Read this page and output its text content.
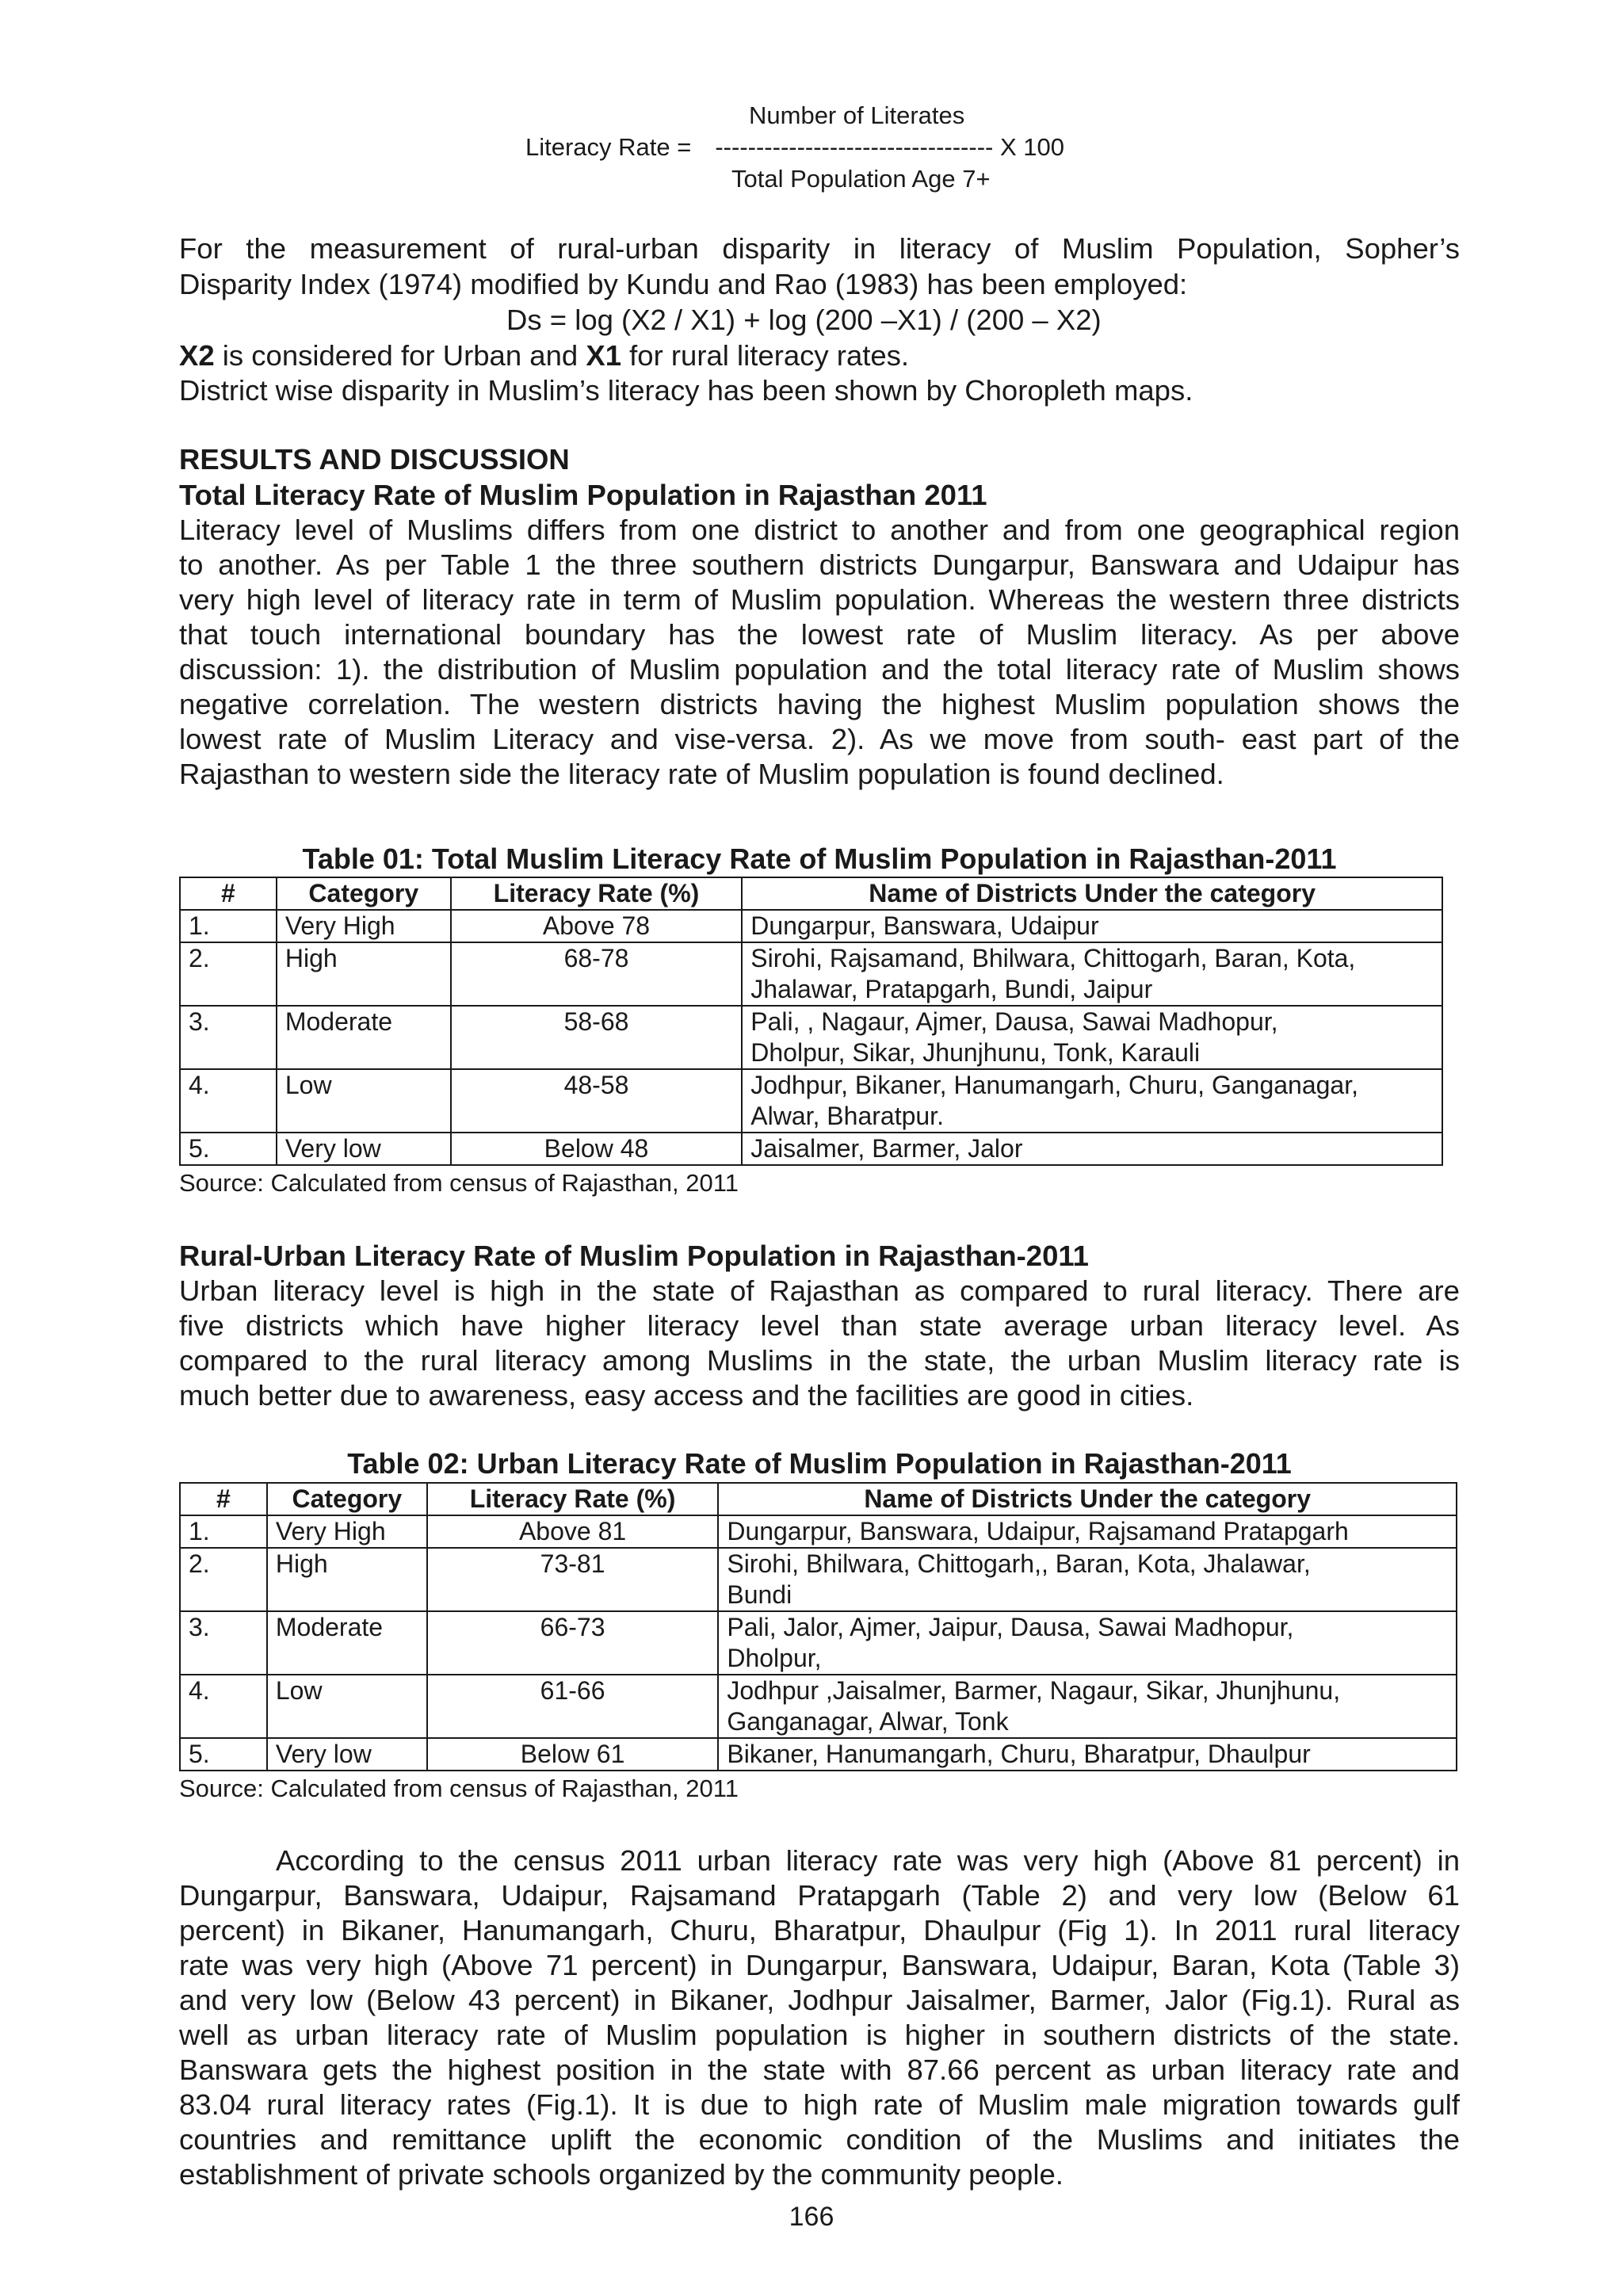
Number of Literates
Literacy Rate = ---------------------------------- X 100
Total Population Age 7+
For the measurement of rural-urban disparity in literacy of Muslim Population, Sopher’s
Disparity Index (1974) modified by Kundu and Rao (1983) has been employed:
Ds = log (X2 / X1) + log (200 –X1) / (200 – X2)
X2 is considered for Urban and X1 for rural literacy rates.
District wise disparity in Muslim’s literacy has been shown by Choropleth maps.
RESULTS AND DISCUSSION
Total Literacy Rate of Muslim Population in Rajasthan 2011
Literacy level of Muslims differs from one district to another and from one geographical region
to another. As per Table 1 the three southern districts Dungarpur, Banswara and Udaipur has
very high level of literacy rate in term of Muslim population. Whereas the western three districts
that touch international boundary has the lowest rate of Muslim literacy. As per above
discussion: 1). the distribution of Muslim population and the total literacy rate of Muslim shows
negative correlation. The western districts having the highest Muslim population shows the
lowest rate of Muslim Literacy and vise-versa. 2). As we move from south- east part of the
Rajasthan to western side the literacy rate of Muslim population is found declined.
Table 01: Total Muslim Literacy Rate of Muslim Population in Rajasthan-2011
#	Category	Literacy Rate (%)	Name of Districts Under the category
1.	Very High	Above 78	Dungarpur, Banswara, Udaipur

2.	High	68-78	Sirohi, Rajsamand, Bhilwara, Chittogarh, Baran, Kota,
Jhalawar, Pratapgarh, Bundi, Jaipur

3.	Moderate	58-68	Pali, , Nagaur, Ajmer, Dausa, Sawai Madhopur,
Dholpur, Sikar, Jhunjhunu, Tonk, Karauli

4.	Low	48-58	Jodhpur, Bikaner, Hanumangarh, Churu, Ganganagar,
Alwar, Bharatpur.

5.	Very low	Below 48	Jaisalmer, Barmer, Jalor
Source: Calculated from census of Rajasthan, 2011
Rural-Urban Literacy Rate of Muslim Population in Rajasthan-2011
Urban literacy level is high in the state of Rajasthan as compared to rural literacy. There are
five districts which have higher literacy level than state average urban literacy level. As
compared to the rural literacy among Muslims in the state, the urban Muslim literacy rate is
much better due to awareness, easy access and the facilities are good in cities.
Table 02: Urban Literacy Rate of Muslim Population in Rajasthan-2011
#	Category	Literacy Rate (%)	Name of Districts Under the category
1.	Very High	Above 81	Dungarpur, Banswara, Udaipur, Rajsamand Pratapgarh

2.	High	73-81	Sirohi, Bhilwara, Chittogarh,, Baran, Kota, Jhalawar,
Bundi

3.	Moderate	66-73	Pali, Jalor, Ajmer, Jaipur, Dausa, Sawai Madhopur,
Dholpur,

4.	Low	61-66	Jodhpur ,Jaisalmer, Barmer, Nagaur, Sikar, Jhunjhunu,
Ganganagar, Alwar, Tonk

5.	Very low	Below 61	Bikaner, Hanumangarh, Churu, Bharatpur, Dhaulpur
Source: Calculated from census of Rajasthan, 2011
According to the census 2011 urban literacy rate was very high (Above 81 percent) in
Dungarpur, Banswara, Udaipur, Rajsamand Pratapgarh (Table 2) and very low (Below 61
percent) in Bikaner, Hanumangarh, Churu, Bharatpur, Dhaulpur (Fig 1). In 2011 rural literacy
rate was very high (Above 71 percent) in Dungarpur, Banswara, Udaipur, Baran, Kota (Table 3)
and very low (Below 43 percent) in Bikaner, Jodhpur Jaisalmer, Barmer, Jalor (Fig.1). Rural as
well as urban literacy rate of Muslim population is higher in southern districts of the state.
Banswara gets the highest position in the state with 87.66 percent as urban literacy rate and
83.04 rural literacy rates (Fig.1). It is due to high rate of Muslim male migration towards gulf
countries and remittance uplift the economic condition of the Muslims and initiates the
establishment of private schools organized by the community people.
166
